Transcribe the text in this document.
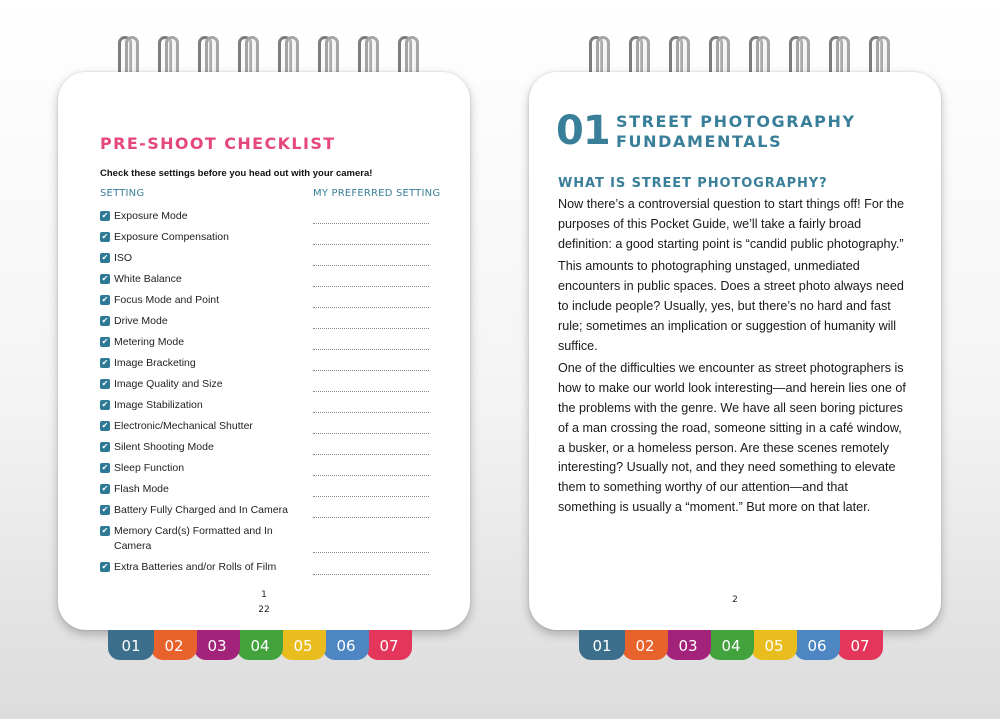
PRE-SHOOT CHECKLIST

Check these settings before you head out with your camera!

SETTING	MY PREFERRED SETTING
✔ Exposure Mode
✔ Exposure Compensation
✔ ISO
✔ White Balance
✔ Focus Mode and Point
✔ Drive Mode
✔ Metering Mode
✔ Image Bracketing
✔ Image Quality and Size
✔ Image Stabilization
✔ Electronic/Mechanical Shutter
✔ Silent Shooting Mode
✔ Sleep Function
✔ Flash Mode
✔ Battery Fully Charged and In Camera
✔ Memory Card(s) Formatted and In Camera
✔ Extra Batteries and/or Rolls of Film
1
22
01 STREET PHOTOGRAPHY FUNDAMENTALS
WHAT IS STREET PHOTOGRAPHY?

Now there’s a controversial question to start things off! For the purposes of this Pocket Guide, we’ll take a fairly broad definition: a good starting point is “candid public photography.”

This amounts to photographing unstaged, unmediated encounters in public spaces. Does a street photo always need to include people? Usually, yes, but there’s no hard and fast rule; sometimes an implication or suggestion of humanity will suffice.

One of the difficulties we encounter as street photographers is how to make our world look interesting—and herein lies one of the problems with the genre. We have all seen boring pictures of a man crossing the road, someone sitting in a café window, a busker, or a homeless person. Are these scenes remotely interesting? Usually not, and they need something to elevate them to something worthy of our attention—and that something is usually a “moment.” But more on that later.

2
01	02	03	04	05	06	07	01	02	03	04	05	06	07
